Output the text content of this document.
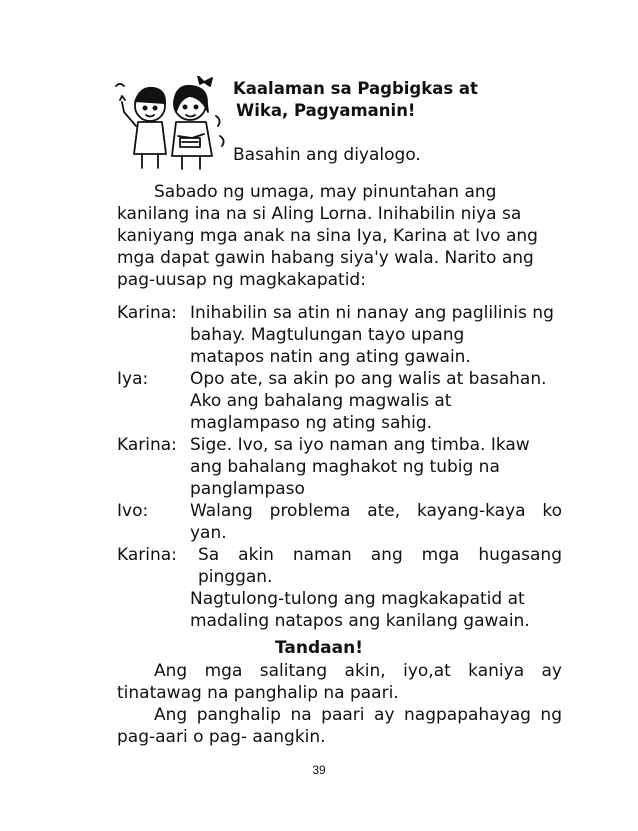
Kaalaman sa Pagbigkas at
Wika, Pagyamanin!
Basahin ang diyalogo.
Sabado ng umaga, may pinuntahan ang
kanilang ina na si Aling Lorna. Inihabilin niya sa
kaniyang mga anak na sina Iya, Karina at Ivo ang
mga dapat gawin habang siya'y wala. Narito ang
pag-uusap ng magkakapatid:
Karina: Inihabilin sa atin ni nanay ang paglilinis ng
bahay. Magtulungan tayo upang
matapos natin ang ating gawain.
Iya:	Opo ate, sa akin po ang walis at basahan.
Ako ang bahalang magwalis at
maglampaso ng ating sahig.
Karina: Sige. Ivo, sa iyo naman ang timba. Ikaw
ang bahalang maghakot ng tubig na
panglampaso
Ivo:	Walang problema ate, kayang-kaya ko
yan.
Karina:	Sa akin naman ang mga hugasang
pinggan.
Nagtulong-tulong ang magkakapatid at
madaling natapos ang kanilang gawain.
Tandaan!
Ang mga salitang akin, iyo,at kaniya ay
tinatawag na panghalip na paari.
Ang panghalip na paari ay nagpapahayag ng
pag-aari o pag- aangkin.
39
